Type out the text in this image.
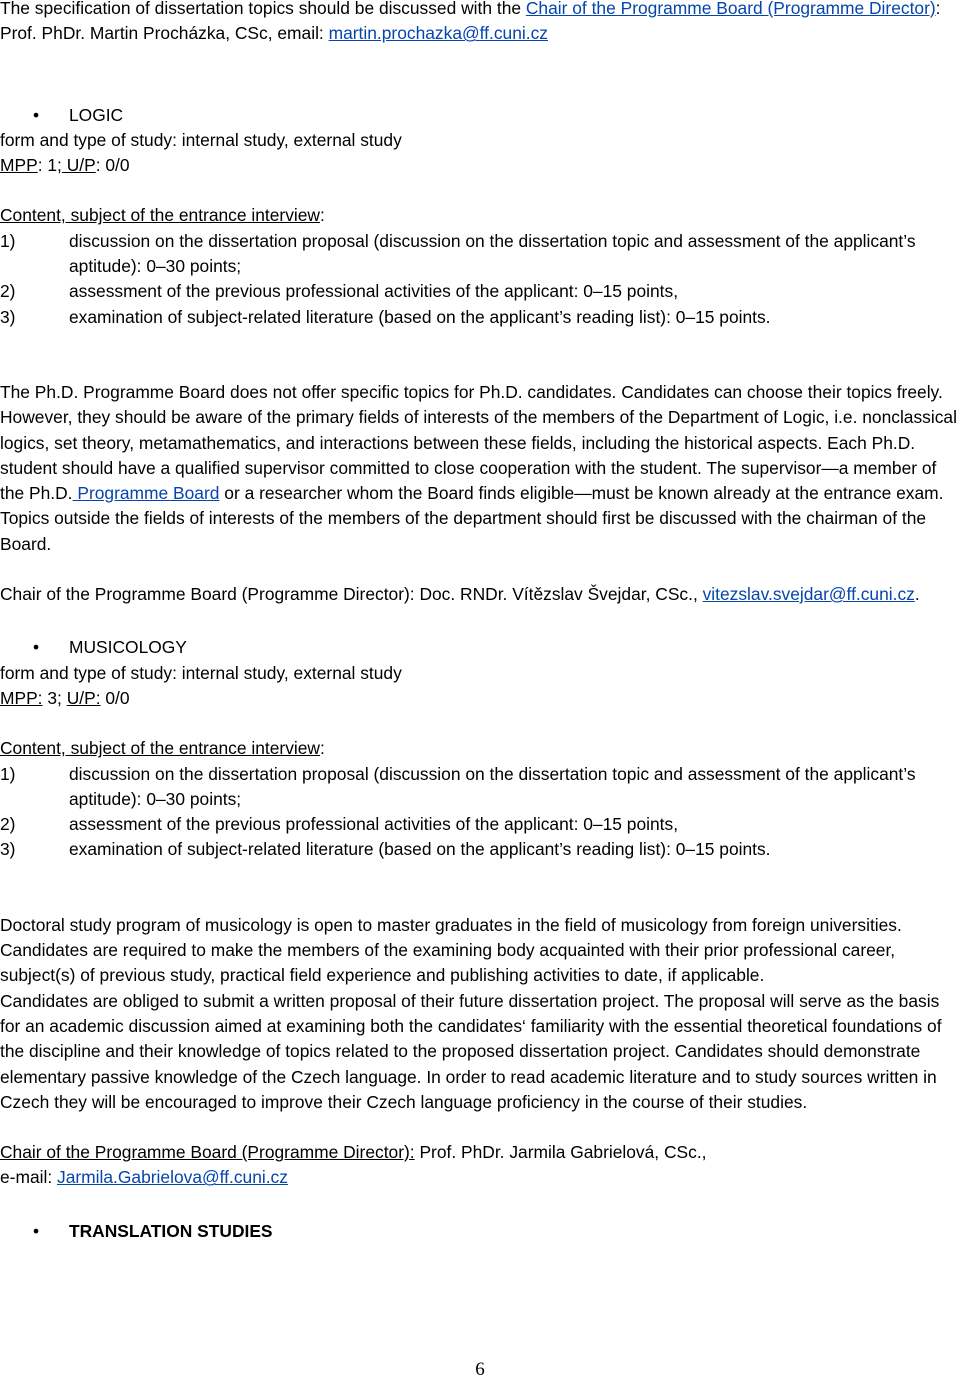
The specification of dissertation topics should be discussed with the Chair of the Programme Board (Programme Director): Prof. PhDr. Martin Procházka, CSc, email: martin.prochazka@ff.cuni.cz

• LOGIC

form and type of study: internal study, external study

MPP: 1; U/P: 0/0

Content, subject of the entrance interview:

1)	discussion on the dissertation proposal (discussion on the dissertation topic and assessment of the applicant’s aptitude): 0–30 points;
2)	assessment of the previous professional activities of the applicant: 0–15 points,
3)	examination of subject-related literature (based on the applicant’s reading list): 0–15 points.

The Ph.D. Programme Board does not offer specific topics for Ph.D. candidates. Candidates can choose their topics freely. However, they should be aware of the primary fields of interests of the members of the Department of Logic, i.e. nonclassical logics, set theory, metamathematics, and interactions between these fields, including the historical aspects. Each Ph.D. student should have a qualified supervisor committed to close cooperation with the student. The supervisor—a member of the Ph.D. Programme Board or a researcher whom the Board finds eligible—must be known already at the entrance exam. Topics outside the fields of interests of the members of the department should first be discussed with the chairman of the Board.

Chair of the Programme Board (Programme Director): Doc. RNDr. Vítězslav Švejdar, CSc., vitezslav.svejdar@ff.cuni.cz.

• MUSICOLOGY

form and type of study: internal study, external study

MPP: 3; U/P: 0/0

Content, subject of the entrance interview:

1)	discussion on the dissertation proposal (discussion on the dissertation topic and assessment of the applicant’s aptitude): 0–30 points;
2)	assessment of the previous professional activities of the applicant: 0–15 points,
3)	examination of subject-related literature (based on the applicant’s reading list): 0–15 points.

Doctoral study program of musicology is open to master graduates in the field of musicology from foreign universities.

Candidates are required to make the members of the examining body acquainted with their prior professional career, subject(s) of previous study, practical field experience and publishing activities to date, if applicable.

Candidates are obliged to submit a written proposal of their future dissertation project. The proposal will serve as the basis for an academic discussion aimed at examining both the candidates‘ familiarity with the essential theoretical foundations of the discipline and their knowledge of topics related to the proposed dissertation project. Candidates should demonstrate elementary passive knowledge of the Czech language. In order to read academic literature and to study sources written in Czech they will be encouraged to improve their Czech language proficiency in the course of their studies.

Chair of the Programme Board (Programme Director): Prof. PhDr. Jarmila Gabrielová, CSc.,

e-mail: Jarmila.Gabrielova@ff.cuni.cz

• TRANSLATION STUDIES
6
